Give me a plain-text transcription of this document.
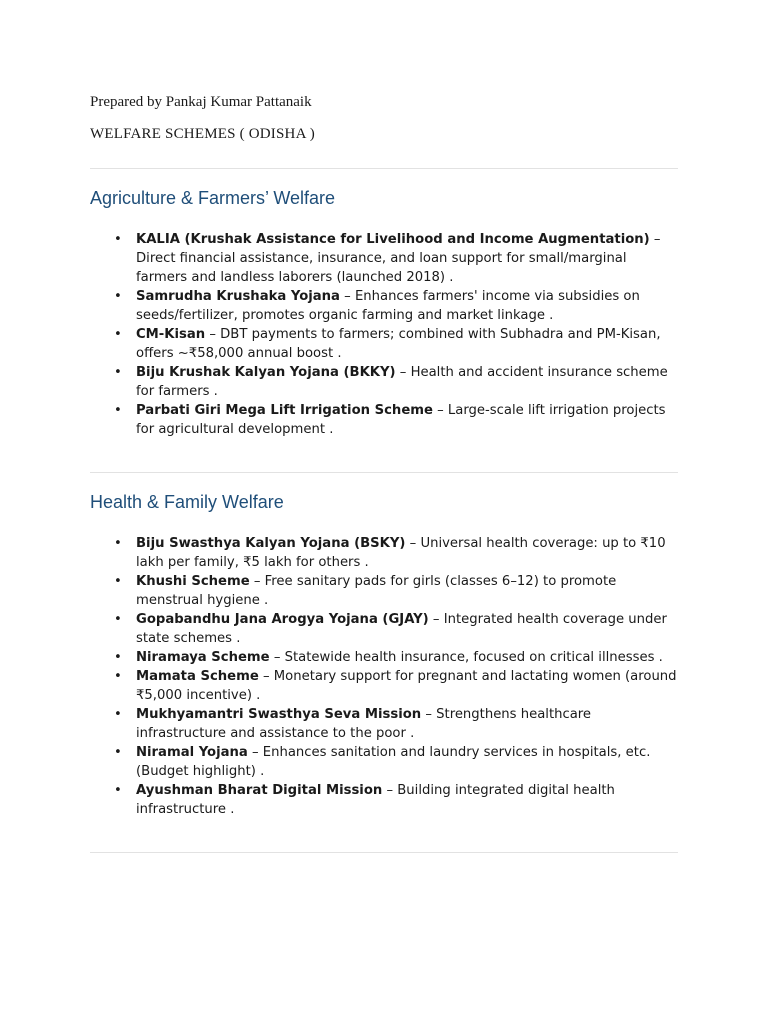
Prepared by Pankaj Kumar Pattanaik

WELFARE SCHEMES ( ODISHA )

Agriculture & Farmers’ Welfare
• KALIA (Krushak Assistance for Livelihood and Income Augmentation) – Direct financial assistance, insurance, and loan support for small/marginal farmers and landless laborers (launched 2018) .
• Samrudha Krushaka Yojana – Enhances farmers' income via subsidies on seeds/fertilizer, promotes organic farming and market linkage .
• CM‑Kisan – DBT payments to farmers; combined with Subhadra and PM‑Kisan, offers ~₹58,000 annual boost .
• Biju Krushak Kalyan Yojana (BKKY) – Health and accident insurance scheme for farmers .
• Parbati Giri Mega Lift Irrigation Scheme – Large-scale lift irrigation projects for agricultural development .
Health & Family Welfare
• Biju Swasthya Kalyan Yojana (BSKY) – Universal health coverage: up to ₹10 lakh per family, ₹5 lakh for others .
• Khushi Scheme – Free sanitary pads for girls (classes 6–12) to promote menstrual hygiene .
• Gopabandhu Jana Arogya Yojana (GJAY) – Integrated health coverage under state schemes .
• Niramaya Scheme – Statewide health insurance, focused on critical illnesses .
• Mamata Scheme – Monetary support for pregnant and lactating women (around ₹5,000 incentive) .
• Mukhyamantri Swasthya Seva Mission – Strengthens healthcare infrastructure and assistance to the poor .
• Niramal Yojana – Enhances sanitation and laundry services in hospitals, etc. (Budget highlight) .
• Ayushman Bharat Digital Mission – Building integrated digital health infrastructure .
